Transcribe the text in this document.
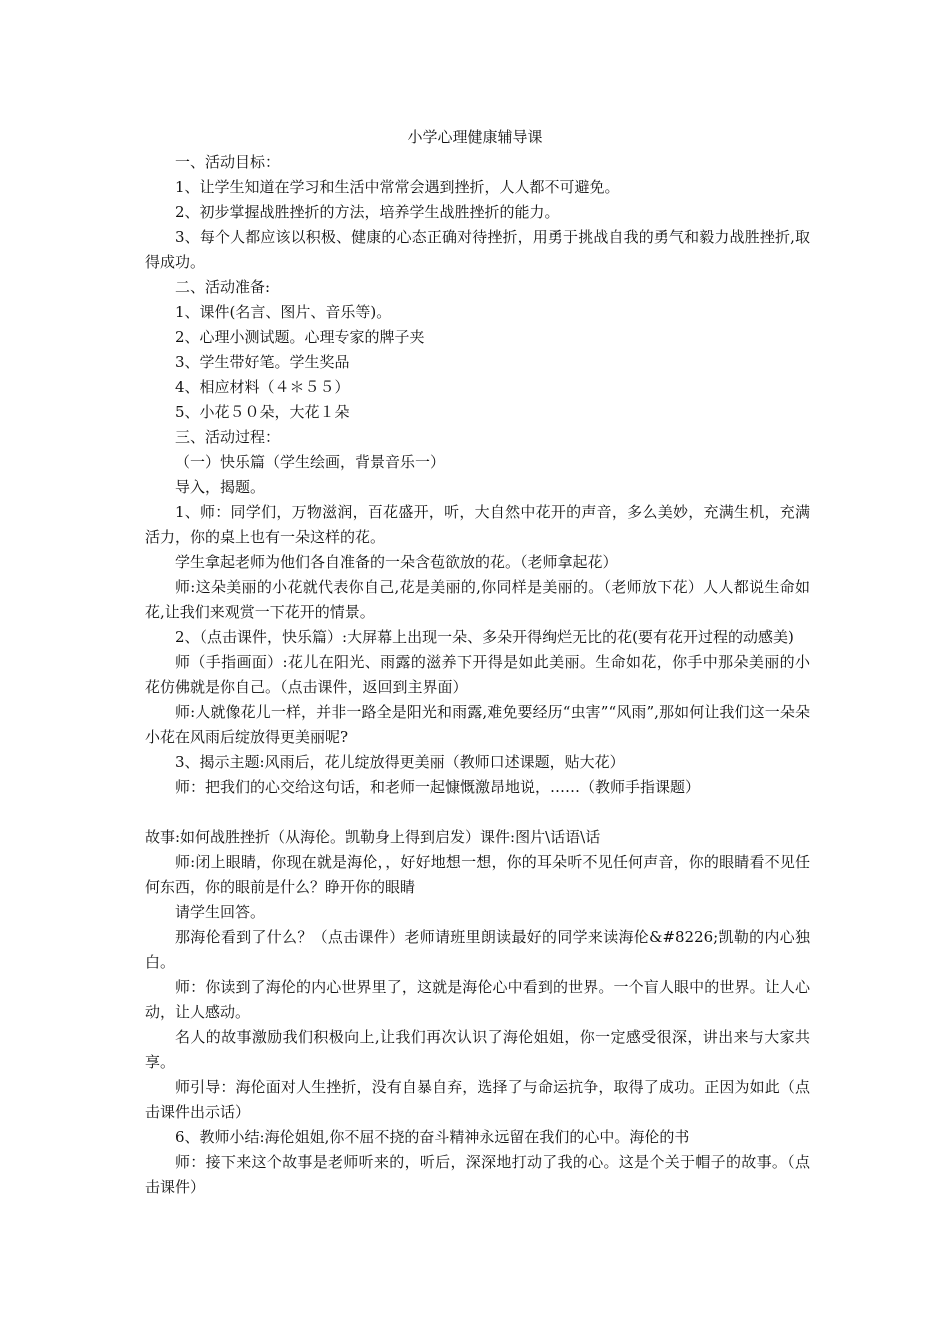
小学心理健康辅导课

一、活动目标：

1、让学生知道在学习和生活中常常会遇到挫折，人人都不可避免。

2、初步掌握战胜挫折的方法，培养学生战胜挫折的能力。

3、每个人都应该以积极、健康的心态正确对待挫折，用勇于挑战自我的勇气和毅力战胜挫折,取得成功。

二、活动准备:

1、课件(名言、图片、音乐等)。

2、心理小测试题。心理专家的牌子夹

3、学生带好笔。学生奖品

4、相应材料（４＊５５）

5、小花５０朵，大花１朵

三、活动过程：

（一）快乐篇（学生绘画，背景音乐一）

导入，揭题。

1、师：同学们，万物滋润，百花盛开，听，大自然中花开的声音，多么美妙，充满生机，充满活力，你的桌上也有一朵这样的花。

学生拿起老师为他们各自准备的一朵含苞欲放的花。（老师拿起花）

师:这朵美丽的小花就代表你自己,花是美丽的,你同样是美丽的。（老师放下花）人人都说生命如花,让我们来观赏一下花开的情景。

2、（点击课件，快乐篇）:大屏幕上出现一朵、多朵开得绚烂无比的花(要有花开过程的动感美)

师（手指画面）:花儿在阳光、雨露的滋养下开得是如此美丽。生命如花，你手中那朵美丽的小花仿佛就是你自己。（点击课件，返回到主界面）

师:人就像花儿一样，并非一路全是阳光和雨露,难免要经历“虫害”“风雨”,那如何让我们这一朵朵小花在风雨后绽放得更美丽呢?

3、揭示主题:风雨后，花儿绽放得更美丽（教师口述课题，贴大花）

师：把我们的心交给这句话，和老师一起慷慨激昂地说，……（教师手指课题）

故事:如何战胜挫折（从海伦。凯勒身上得到启发）课件:图片\话语\话

师:闭上眼睛，你现在就是海伦，，好好地想一想，你的耳朵听不见任何声音，你的眼睛看不见任何东西，你的眼前是什么？睁开你的眼睛

请学生回答。

那海伦看到了什么？（点击课件）老师请班里朗读最好的同学来读海伦&#8226;凯勒的内心独白。

师：你读到了海伦的内心世界里了，这就是海伦心中看到的世界。一个盲人眼中的世界。让人心动，让人感动。

名人的故事激励我们积极向上,让我们再次认识了海伦姐姐，你一定感受很深，讲出来与大家共享。

师引导：海伦面对人生挫折，没有自暴自弃，选择了与命运抗争，取得了成功。正因为如此（点击课件出示话）

6、教师小结:海伦姐姐,你不屈不挠的奋斗精神永远留在我们的心中。海伦的书

师：接下来这个故事是老师听来的，听后，深深地打动了我的心。这是个关于帽子的故事。（点击课件）
